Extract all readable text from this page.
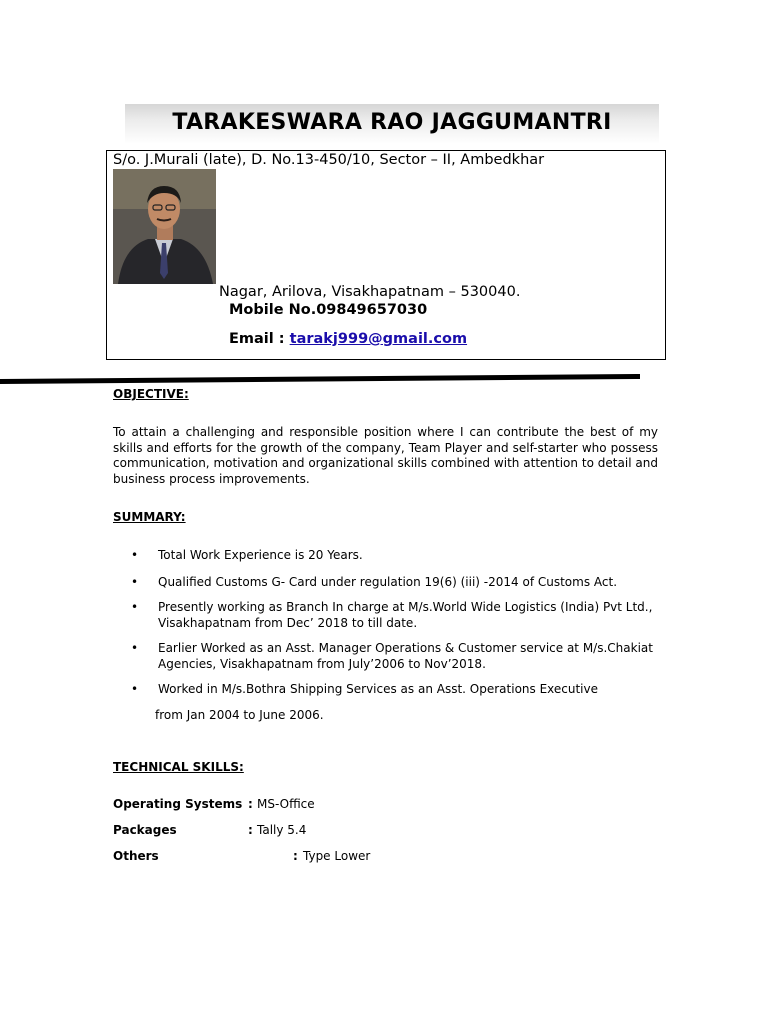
TARAKESWARA RAO JAGGUMANTRI
S/o. J.Murali (late), D. No.13-450/10, Sector – II, Ambedkhar
Nagar, Arilova, Visakhapatnam – 530040.
Mobile No.09849657030
Email : tarakj999@gmail.com
OBJECTIVE:

To attain a challenging and responsible position where I can contribute the best of my skills and efforts for the growth of the company, Team Player and self-starter who possess communication, motivation and organizational skills combined with attention to detail and business process improvements.

SUMMARY:
• Total Work Experience is 20 Years.
• Qualified Customs G- Card under regulation 19(6) (iii) -2014 of Customs Act.
• Presently working as Branch In charge at M/s.World Wide Logistics (India) Pvt Ltd., Visakhapatnam from Dec’ 2018 to till date.
• Earlier Worked as an Asst. Manager Operations & Customer service at M/s.Chakiat Agencies, Visakhapatnam from July’2006 to Nov’2018.
• Worked in M/s.Bothra Shipping Services as an Asst. Operations Executive
from Jan 2004 to June 2006.
TECHNICAL SKILLS:
Operating Systems : MS-Office
Packages	: Tally 5.4
Others	: Type Lower
